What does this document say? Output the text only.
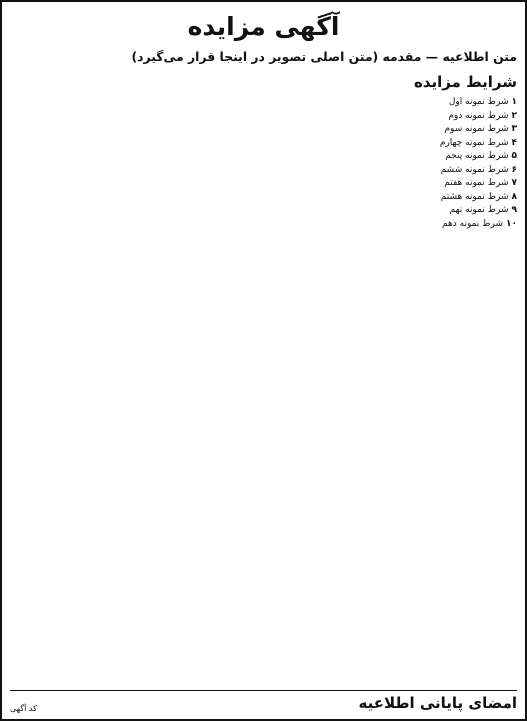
آگهی مزایده

متن اطلاعیه — مقدمه (متن اصلی تصویر در اینجا قرار می‌گیرد)

شرایط مزایده
۱
شرط نمونه اول
۲
شرط نمونه دوم
۳
شرط نمونه سوم
۴
شرط نمونه چهارم
۵
شرط نمونه پنجم
۶
شرط نمونه ششم
۷
شرط نمونه هفتم
۸
شرط نمونه هشتم
۹
شرط نمونه نهم
۱۰
شرط نمونه دهم
امضای پایانی اطلاعیه
کد آگهی
